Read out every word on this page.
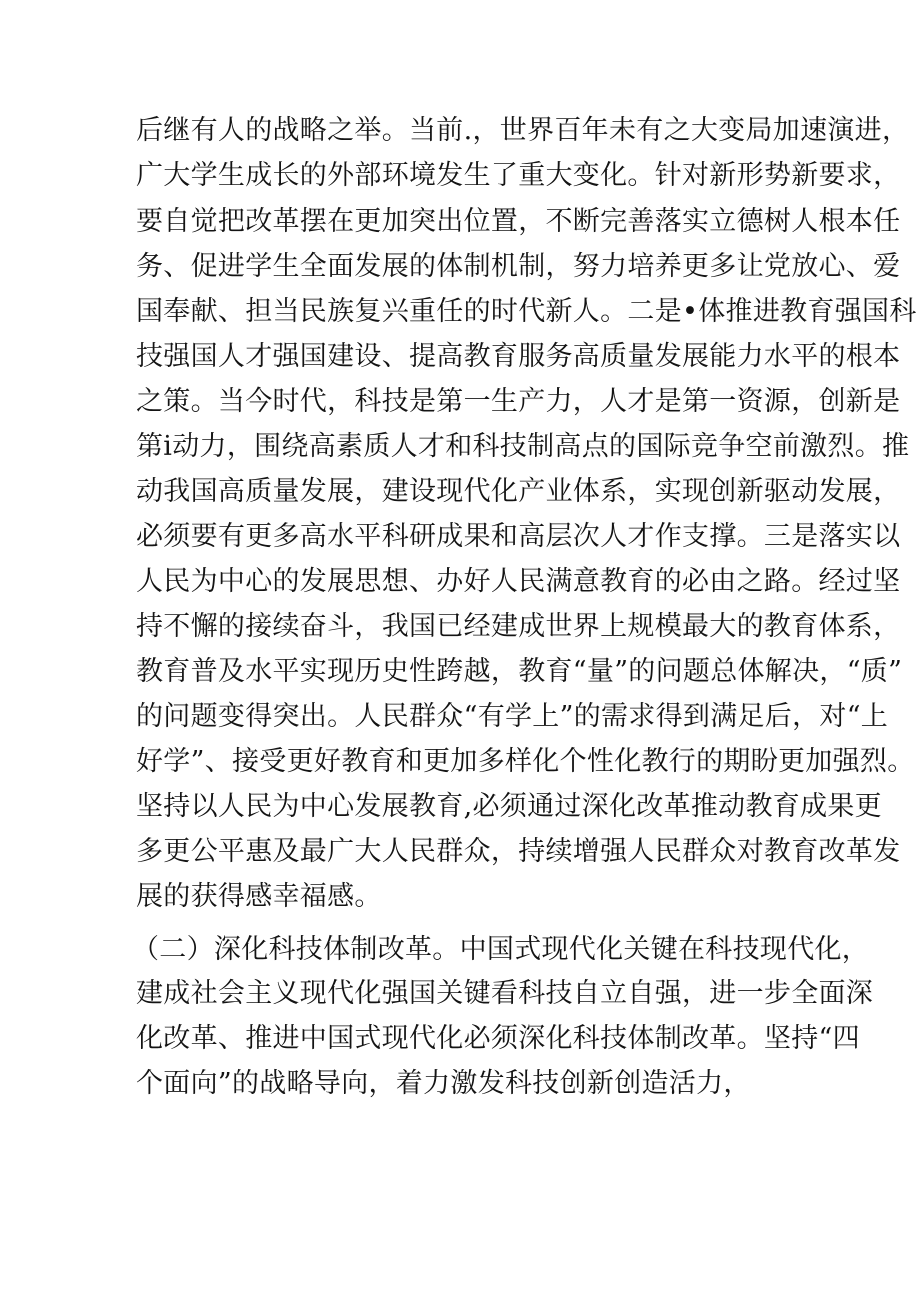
后继有人的战略之举。当前.，世界百年未有之大变局加速演进，
广大学生成长的外部环境发生了重大变化。针对新形势新要求，
要自觉把改革摆在更加突出位置，不断完善落实立德树人根本任
务、促进学生全面发展的体制机制，努力培养更多让党放心、爱
国奉献、担当民族复兴重任的时代新人。二是•体推进教育强国科
技强国人才强国建设、提高教育服务高质量发展能力水平的根本
之策。当今时代，科技是第一生产力，人才是第一资源，创新是
第i动力，围绕高素质人才和科技制高点的国际竞争空前激烈。推
动我国高质量发展，建设现代化产业体系，实现创新驱动发展，
必须要有更多高水平科研成果和高层次人才作支撑。三是落实以
人民为中心的发展思想、办好人民满意教育的必由之路。经过坚
持不懈的接续奋斗，我国已经建成世界上规模最大的教育体系，
教育普及水平实现历史性跨越，教育“量”的问题总体解决，“质”
的问题变得突出。人民群众“有学上”的需求得到满足后，对“上
好学”、接受更好教育和更加多样化个性化教行的期盼更加强烈。
坚持以人民为中心发展教育,必须通过深化改革推动教育成果更
多更公平惠及最广大人民群众，持续增强人民群众对教育改革发
展的获得感幸福感。
（二）深化科技体制改革。中国式现代化关键在科技现代化，
建成社会主义现代化强国关键看科技自立自强，进一步全面深
化改革、推进中国式现代化必须深化科技体制改革。坚持“四
个面向”的战略导向，着力激发科技创新创造活力，
